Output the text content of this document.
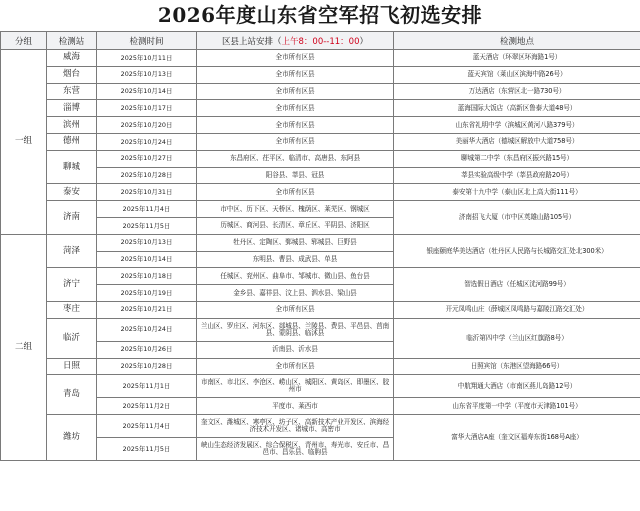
2026年度山东省空军招飞初选安排
分组	检测站	检测时间	区县上站安排（上午8：00--11：00）	检测地点
一组	威海	2025年10月11日	全市所有区县	蓝天酒店（环翠区环海路1号）
	烟台	2025年10月13日	全市所有区县	蓝天宾馆（莱山区滨海中路26号）
	东营	2025年10月14日	全市所有区县	万达酒店（东营区北一路730号）
	淄博	2025年10月17日	全市所有区县	蓝海国际大饭店（高新区鲁泰大道48号）
	滨州	2025年10月20日	全市所有区县	山东省礼明中学（滨城区黄河八路379号）
	德州	2025年10月24日	全市所有区县	美丽华大酒店（德城区解放中大道758号）
	聊城	2025年10月27日	东昌府区、茌平区、临清市、高唐县、东阿县	聊城第二中学（东昌府区振兴路15号）
		2025年10月28日	阳谷县、莘县、冠县	莘县实验高级中学（莘县政府路20号）
	泰安	2025年10月31日	全市所有区县	泰安第十九中学（泰山区北上高大街111号）
	济南	2025年11月4日	市中区、历下区、天桥区、槐荫区、莱芜区、钢城区	济南招飞大厦（市中区英雄山路105号）
		2025年11月5日	历城区、商河县、长清区、章丘区、平阴县、济阳区	
二组	菏泽	2025年10月13日	牡丹区、定陶区、鄄城县、郓城县、巨野县	银座颐庭华美达酒店（牡丹区人民路与长城路交汇处北300米）
		2025年10月14日	东明县、曹县、成武县、单县	
	济宁	2025年10月18日	任城区、兖州区、曲阜市、邹城市、微山县、鱼台县	智选假日酒店（任城区洸河路99号）
		2025年10月19日	金乡县、嘉祥县、汶上县、泗水县、梁山县	
	枣庄	2025年10月21日	全市所有区县	开元凤鸣山庄（薛城区凤鸣路与嘉陵江路交汇处）
	临沂	2025年10月24日	兰山区、罗庄区、河东区、郯城县、兰陵县、费县、平邑县、莒南县、蒙阴县、临沭县	临沂第四中学（兰山区红旗路8号）
		2025年10月26日	沂南县、沂水县	
	日照	2025年10月28日	全市所有区县	日照宾馆（东港区望海路66号）
	青岛	2025年11月1日	市南区、市北区、李沧区、崂山区、城阳区、黄岛区、即墨区、胶州市	中航翔通大酒店（市南区燕儿岛路12号）
		2025年11月2日	平度市、莱西市	山东省平度第一中学（平度市天津路101号）
	潍坊	2025年11月4日	奎文区、潍城区、寒亭区、坊子区、高新技术产业开发区、滨海经济技术开发区、诸城市、高密市	富华大酒店A座（奎文区福寿东街168号A座）
		2025年11月5日	峡山生态经济发展区、综合保税区、青州市、寿光市、安丘市、昌邑市、昌乐县、临朐县	
